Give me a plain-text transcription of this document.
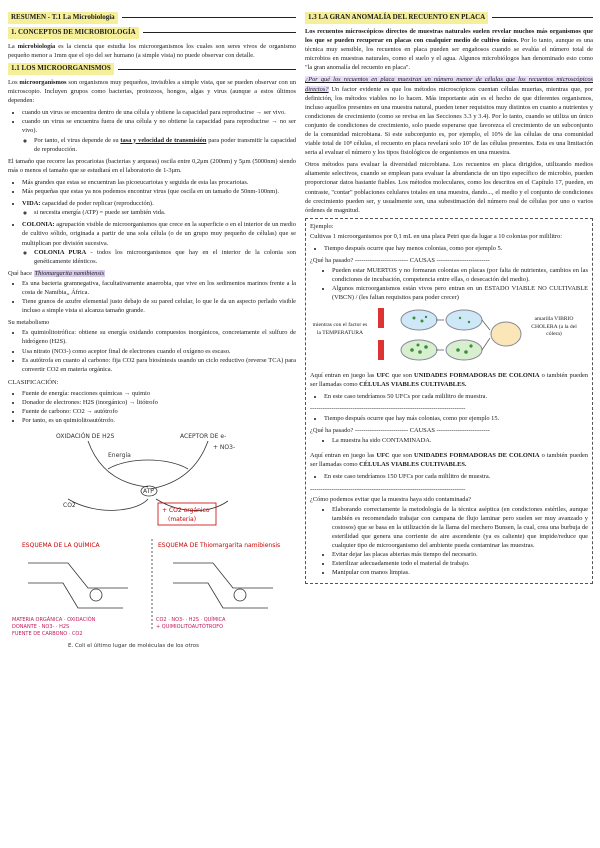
RESUMEN - T.1 La Microbiología
1. CONCEPTOS DE MICROBIOLOGÍA

La microbiología es la ciencia que estudia los microorganismos los cuales son seres vivos de organismo pequeño menor a 1mm que el ojo del ser humano (a simple vista) no puede observar con detalle.

1.1 LOS MICROORGANISMOS

Los microorganismos son organismos muy pequeños, invisibles a simple vista, que se pueden observar con un microscopio. Incluyen grupos como bacterias, protozoos, hongos, algas y virus (aunque a estos últimos dependen:

• cuando un virus se encuentra dentro de una célula y obtiene la capacidad para reproducirse → ser vivo.
• cuando un virus se encuentra fuera de una célula y no obtiene la capacidad para reproducirse → no ser vivo).
◦ Por tanto, el virus depende de su tasa y velocidad de transmisión para poder transmitir la capacidad de reproducción.

El tamaño que recorre las procariotas (bacterias y arqueas) oscila entre 0,2μm (200nm) y 5μm (5000nm) siendo más o menos el tamaño que se estudiará en el laboratorio de 1-3μm.

• Más grandes que estas se encuentran las picoeucariotas y seguida de esta las procariotas.
• Más pequeñas que estas ya nos podemos encontrar virus (que oscila en un tamaño de 50nm-100nm).
• VIDA: capacidad de poder replicar (reproducción).
◦ si necesita energía (ATP) = puede ser también vida.
• COLONIA: agrupación visible de microorganismos que crece en la superficie o en el interior de un medio de cultivo sólido, originada a partir de una sola célula (o de un grupo muy pequeño de células) que se multiplican por división sucesiva.
◦ COLONIA PURA - todos los microorganismos que hay en el interior de la colonia son genéticamente idénticos.

Qué hace Thiomargarita namibiensis

• Es una bacteria gramnegativa, facultativamente anaerobia, que vive en los sedimentos marinos frente a la costa de Namibia,, África.
• Tiene granos de azufre elemental justo debajo de su pared celular, lo que le da un aspecto perlado visible incluso a simple vista si alcanza tamaño grande.

Su metabolismo

• Es quimiolitotrófica: obtiene su energía oxidando compuestos inorgánicos, concretamente el sulfuro de hidrógeno (H2S).
• Usa nitrato (NO3-) como aceptor final de electrones cuando el oxígeno es escaso.
• Es autótrofa en cuanto al carbono: fija CO2 para biosíntesis usando un ciclo reductivo (reverse TCA) para convertir CO2 en materia orgánica.

CLASIFICACIÓN:

• Fuente de energía: reacciones químicas → quimio
• Donador de electrones: H2S (inorgánico) → litótrofo
• Fuente de carbono: CO2 → autótrofo
• Por tanto, es un quimiolitoautótrofo.
OXIDACIÓN DE H2S	ACEPTOR DE e-
+ NO3-
ATP
Energía
CO2
+ CO2 orgánico
(materia)
MATERIA ORGÁNICA · OXIDACIÓN
DONANTE · NO3- · H2S
FUENTE DE CARBONO · CO2
CO2 · NO3- · H2S · QUÍMICA
+ QUIMIOLITOAUTÓTROFO
ESQUEMA DE LA QUÍMICA	ESQUEMA DE Thiomargarita namibiensis
E. Coli el último lugar de moléculas de los otros
1.3 LA GRAN ANOMALÍA DEL RECUENTO EN PLACA

Los recuentos microscópicos directos de muestras naturales suelen revelar muchos más organismos que los que se pueden recuperar en placas con cualquier medio de cultivo único. Por lo tanto, aunque es una técnica muy sensible, los recuentos en placa pueden ser engañosos cuando se evalúa el número total de microbios en muestras naturales, como el suelo y el agua. Algunos microbiólogos han denominado esto como "la gran anomalía del recuento en placa".

¿Por qué los recuentos en placa muestran un número menor de células que los recuentos microscópicos directos? Un factor evidente es que los métodos microscópicos cuentan células muertas, mientras que, por definición, los métodos viables no lo hacen. Más importante aún es el hecho de que diferentes organismos, incluso aquellos presentes en una muestra natural, pueden tener requisitos muy distintos en cuanto a nutrientes y condiciones de crecimiento (como se revisa en las Secciones 3.3 y 3.4). Por lo tanto, cuando se utiliza un único conjunto de condiciones de crecimiento, solo puede esperarse que favorezca el crecimiento de un subconjunto de la comunidad microbiana. Si este subconjunto es, por ejemplo, el 10% de las células de una comunidad viable total de 10⁸ células, el recuento en placa revelará solo 10⁷ de las células presentes. Esta es una limitación seria al evaluar el número y los tipos fisiológicos de organismos en una muestra.

Otros métodos para evaluar la diversidad microbiana. Los recuentos en placa dirigidos, utilizando medios altamente selectivos, cuando se emplean para evaluar la abundancia de un tipo específico de microbio, pueden proporcionar datos bastante fiables. Los métodos moleculares, como los descritos en el Capítulo 17, pueden, en contraste, "contar" poblaciones celulares totales en una muestra, dando..., el medio y el conjunto de condiciones de crecimiento pueden ser, y usualmente son, una subestimación del número real de células por uno o varios órdenes de magnitud.

Ejemplo:

Cultivas 1 microorganismos por 0,1 mL en una placa Petri que da lugar a 10 colonias por mililitro:

• Tiempo después ocurre que hay menos colonias, como por ejemplo 5.

¿Qué ha pasado? ------------------------- CAUSAS -------------------------

• Pueden estar MUERTOS y no formaran colonias en placas (por falta de nutrientes, cambios en las condiciones de incubación, competencia entre ellas, o desecación del medio).
• Algunos microorganismos están vivos pero entran en un ESTADO VIABLE NO CULTIVABLE (VBCN) / (les faltan requisitos para poder crecer)
mientras con el factor es la TEMPERATURA
amarilla VIBRIO CHOLERA (a la del cólera)

Aquí entran en juego las UFC que son UNIDADES FORMADORAS DE COLONIA o también pueden ser llamadas como CÉLULAS VIABLES CULTIVABLES.

• En este caso tendríamos 50 UFCs por cada mililitro de muestra.

-------------------------------------------------------------------------

• Tiempo después ocurre que hay más colonias, como por ejemplo 15.

¿Qué ha pasado? ------------------------- CAUSAS -------------------------

• La muestra ha sido CONTAMINADA.

Aquí entran en juego las UFC que son UNIDADES FORMADORAS DE COLONIA o también pueden ser llamadas como CÉLULAS VIABLES CULTIVABLES.

• En este caso tendríamos 150 UFCs por cada mililitro de muestra.

-------------------------------------------------------------------------

¿Cómo podemos evitar que la muestra haya sido contaminada?

• Elaborando correctamente la metodología de la técnica aséptica (en condiciones estériles, aunque también es recomendado trabajar con campana de flujo laminar pero suelen ser muy avanzado y costosos) que se basa en la utilización de la llama del mechero Bunsen, la cual, crea una burbuja de esterilidad que genera una corriente de aire ascendente (ya es caliente) que impide/reduce que cualquier tipo de microorganismo del ambiente pueda contaminar las muestras.
• Evitar dejar las placas abiertas más tiempo del necesario.
• Esterilizar adecuadamente todo el material de trabajo.
• Manipular con manos limpias.
